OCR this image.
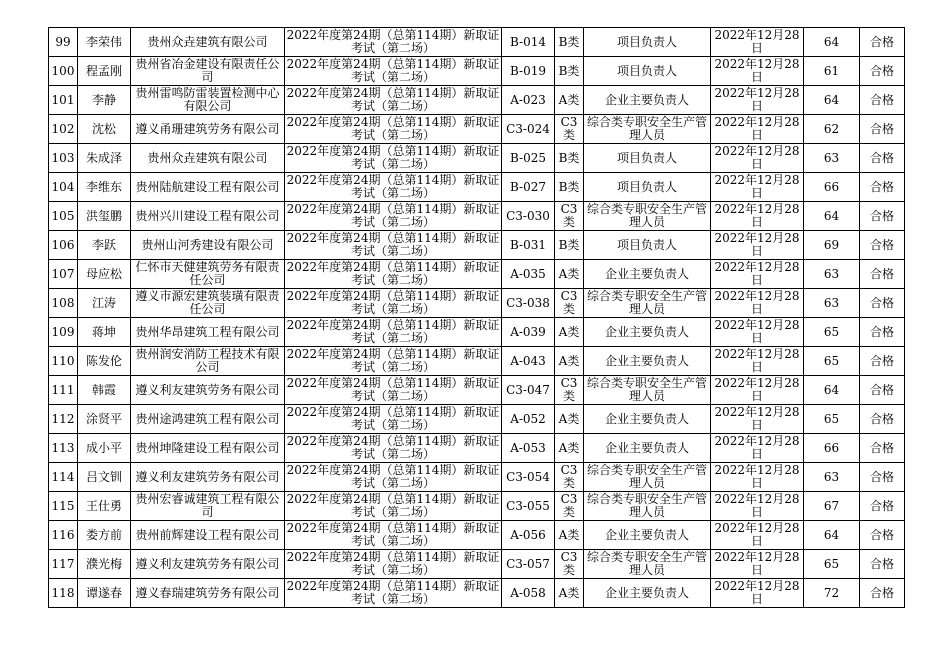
99	李荣伟	贵州众垚建筑有限公司	2022年度第24期（总第114期）新取证考试（第二场）	B-014	B类	项目负责人	2022年12月28日	64	合格
100	程孟刚	贵州省冶金建设有限责任公司	2022年度第24期（总第114期）新取证考试（第二场）	B-019	B类	项目负责人	2022年12月28日	61	合格
101	李静	贵州雷鸣防雷装置检测中心有限公司	2022年度第24期（总第114期）新取证考试（第二场）	A-023	A类	企业主要负责人	2022年12月28日	64	合格
102	沈松	遵义甬珊建筑劳务有限公司	2022年度第24期（总第114期）新取证考试（第二场）	C3-024	C3类	综合类专职安全生产管理人员	2022年12月28日	62	合格
103	朱成泽	贵州众垚建筑有限公司	2022年度第24期（总第114期）新取证考试（第二场）	B-025	B类	项目负责人	2022年12月28日	63	合格
104	李维东	贵州陆航建设工程有限公司	2022年度第24期（总第114期）新取证考试（第二场）	B-027	B类	项目负责人	2022年12月28日	66	合格
105	洪玺鹏	贵州兴川建设工程有限公司	2022年度第24期（总第114期）新取证考试（第二场）	C3-030	C3类	综合类专职安全生产管理人员	2022年12月28日	64	合格
106	李跃	贵州山河秀建设有限公司	2022年度第24期（总第114期）新取证考试（第二场）	B-031	B类	项目负责人	2022年12月28日	69	合格
107	母应松	仁怀市天健建筑劳务有限责任公司	2022年度第24期（总第114期）新取证考试（第二场）	A-035	A类	企业主要负责人	2022年12月28日	63	合格
108	江涛	遵义市源宏建筑装璜有限责任公司	2022年度第24期（总第114期）新取证考试（第二场）	C3-038	C3类	综合类专职安全生产管理人员	2022年12月28日	63	合格
109	蒋坤	贵州华昂建筑工程有限公司	2022年度第24期（总第114期）新取证考试（第二场）	A-039	A类	企业主要负责人	2022年12月28日	65	合格
110	陈发伦	贵州润安消防工程技术有限公司	2022年度第24期（总第114期）新取证考试（第二场）	A-043	A类	企业主要负责人	2022年12月28日	65	合格
111	韩霞	遵义利友建筑劳务有限公司	2022年度第24期（总第114期）新取证考试（第二场）	C3-047	C3类	综合类专职安全生产管理人员	2022年12月28日	64	合格
112	涂贤平	贵州途鸿建筑工程有限公司	2022年度第24期（总第114期）新取证考试（第二场）	A-052	A类	企业主要负责人	2022年12月28日	65	合格
113	成小平	贵州坤隆建设工程有限公司	2022年度第24期（总第114期）新取证考试（第二场）	A-053	A类	企业主要负责人	2022年12月28日	66	合格
114	吕文钏	遵义利友建筑劳务有限公司	2022年度第24期（总第114期）新取证考试（第二场）	C3-054	C3类	综合类专职安全生产管理人员	2022年12月28日	63	合格
115	王仕勇	贵州宏睿诚建筑工程有限公司	2022年度第24期（总第114期）新取证考试（第二场）	C3-055	C3类	综合类专职安全生产管理人员	2022年12月28日	67	合格
116	娄方前	贵州前辉建设工程有限公司	2022年度第24期（总第114期）新取证考试（第二场）	A-056	A类	企业主要负责人	2022年12月28日	64	合格
117	濮光梅	遵义利友建筑劳务有限公司	2022年度第24期（总第114期）新取证考试（第二场）	C3-057	C3类	综合类专职安全生产管理人员	2022年12月28日	65	合格
118	谭遂春	遵义春瑞建筑劳务有限公司	2022年度第24期（总第114期）新取证考试（第二场）	A-058	A类	企业主要负责人	2022年12月28日	72	合格
